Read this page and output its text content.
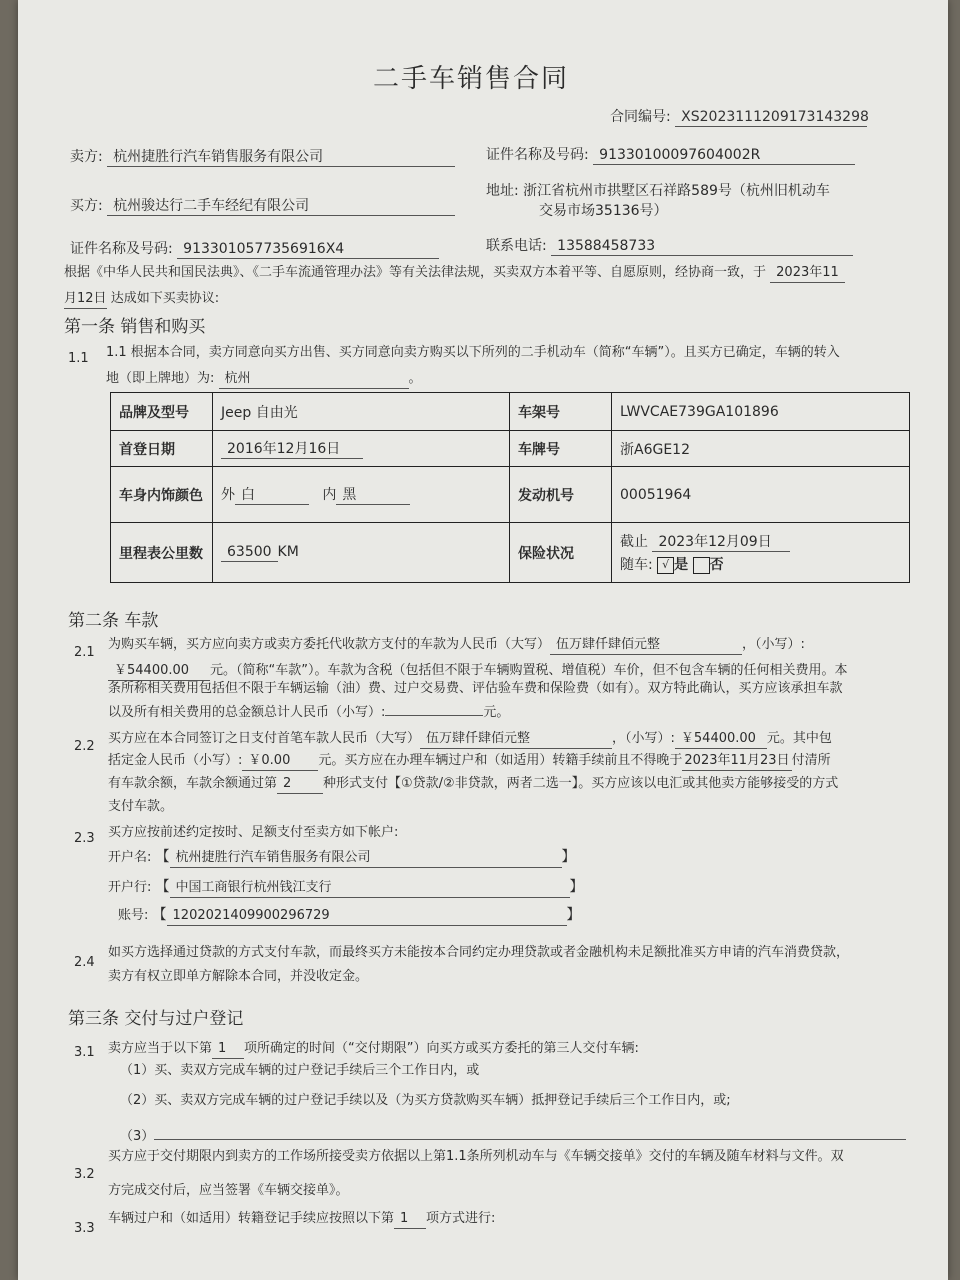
二手车销售合同
合同编号: XS2023111209173143298
卖方: 杭州捷胜行汽车销售服务有限公司	证件名称及号码: 91330100097604002R
买方: 杭州骏达行二手车经纪有限公司
地址: 浙江省杭州市拱墅区石祥路589号（杭州旧机动车
交易市场35136号）
证件名称及号码: 9133010577356916X4	联系电话: 13588458733
根据《中华人民共和国民法典》、《二手车流通管理办法》等有关法律法规，买卖双方本着平等、自愿原则，经协商一致，于 2023年11
月12日 达成如下买卖协议:
第一条 销售和购买
1.1 1.1 根据本合同，卖方同意向买方出售、买方同意向卖方购买以下所列的二手机动车（简称“车辆”）。且买方已确定，车辆的转入
地（即上牌地）为: 杭州	。
品牌及型号	Jeep 自由光	车架号	LWVCAE739GA101896
首登日期	2016年12月16日	车牌号	浙A6GE12
车身内饰颜色	外 白 内 黑	发动机号	00051964
里程表公里数	63500 KM	保险状况	截止 2023年12月09日
随车: √ 是 否
第二条 车款
2.1
为购买车辆，买方应向卖方或卖方委托代收款方支付的车款为人民币（大写） 伍万肆仟肆佰元整	，（小写）:
￥54400.00 元。（简称“车款”）。车款为含税（包括但不限于车辆购置税、增值税）车价，但不包含车辆的任何相关费用。本
条所称相关费用包括但不限于车辆运输（油）费、过户交易费、评估验车费和保险费（如有）。双方特此确认，买方应该承担车款
以及所有相关费用的总金额总计人民币（小写）:	元。
2.2
买方应在本合同签订之日支付首笔车款人民币（大写） 伍万肆仟肆佰元整	，（小写）: ￥54400.00 元。其中包
括定金人民币（小写）: ￥0.00 元。买方应在办理车辆过户和（如适用）转籍手续前且不得晚于 2023年11月23日 付清所
有车款余额，车款余额通过第 2 种形式支付【①贷款/②非贷款，两者二选一】。买方应该以电汇或其他卖方能够接受的方式
支付车款。
2.3 买方应按前述约定按时、足额支付至卖方如下帐户:
开户名: 【 杭州捷胜行汽车销售服务有限公司	】
开户行: 【 中国工商银行杭州钱江支行	】
账号: 【 1202021409900296729	】
2.4
如买方选择通过贷款的方式支付车款，而最终买方未能按本合同约定办理贷款或者金融机构未足额批准买方申请的汽车消费贷款，
卖方有权立即单方解除本合同，并没收定金。
第三条 交付与过户登记
3.1 卖方应当于以下第 1 项所确定的时间（“交付期限”）向买方或买方委托的第三人交付车辆:
（1）买、卖双方完成车辆的过户登记手续后三个工作日内，或
（2）买、卖双方完成车辆的过户登记手续以及（为买方贷款购买车辆）抵押登记手续后三个工作日内，或;
（3）
3.2
买方应于交付期限内到卖方的工作场所接受卖方依据以上第1.1条所列机动车与《车辆交接单》交付的车辆及随车材料与文件。双
方完成交付后，应当签署《车辆交接单》。
3.3
车辆过户和（如适用）转籍登记手续应按照以下第 1 项方式进行:
